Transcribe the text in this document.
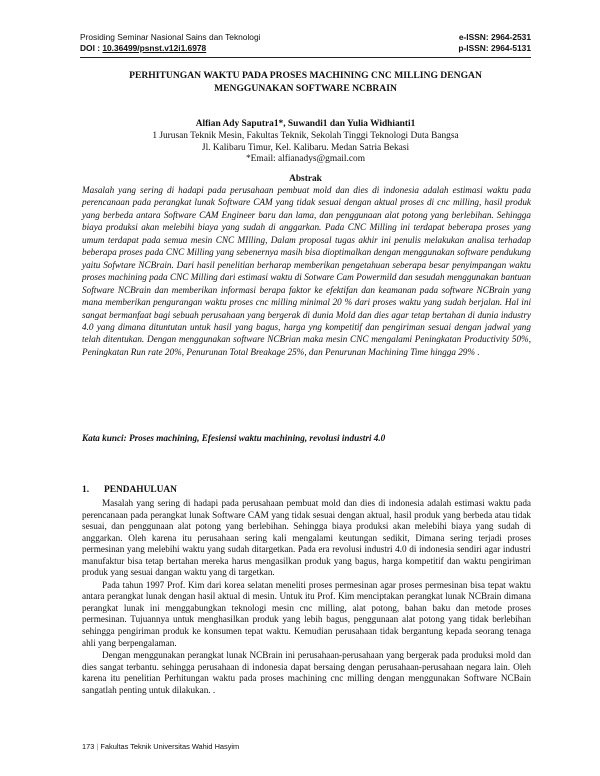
Prosiding Seminar Nasional Sains dan Teknologi	e-ISSN: 2964-2531
DOI : 10.36499/psnst.v12i1.6978	p-ISSN: 2964-5131
PERHITUNGAN WAKTU PADA PROSES MACHINING CNC MILLING DENGAN
MENGGUNAKAN SOFTWARE NCBRAIN
Alfian Ady Saputra1*, Suwandi1 dan Yulia Widhianti1
1 Jurusan Teknik Mesin, Fakultas Teknik, Sekolah Tinggi Teknologi Duta Bangsa
Jl. Kalibaru Timur, Kel. Kalibaru. Medan Satria Bekasi
*Email: alfianadys@gmail.com
Abstrak

Masalah yang sering di hadapi pada perusahaan pembuat mold dan dies di indonesia adalah estimasi waktu pada perencanaan pada perangkat lunak Software CAM yang tidak sesuai dengan aktual proses di cnc milling, hasil produk yang berbeda antara Software CAM Engineer baru dan lama, dan penggunaan alat potong yang berlebihan. Sehingga biaya produksi akan melebihi biaya yang sudah di anggarkan. Pada CNC Milling ini terdapat beberapa proses yang umum terdapat pada semua mesin CNC MIlling, Dalam proposal tugas akhir ini penulis melakukan analisa terhadap beberapa proses pada CNC Milling yang sebenernya masih bisa dioptimalkan dengan menggunakan software pendukung yaitu Sofwtare NCBrain. Dari hasil penelitian berharap memberikan pengetahuan seberapa besar penyimpangan waktu proses machining pada CNC Milling dari estimasi waktu di Sotware Cam Powermild dan sesudah menggunakan bantuan Software NCBrain dan memberikan informasi berapa faktor ke efektifan dan keamanan pada software NCBrain yang mana memberikan pengurangan waktu proses cnc milling minimal 20 % dari proses waktu yang sudah berjalan. Hal ini sangat bermanfaat bagi sebuah perusahaan yang bergerak di dunia Mold dan dies agar tetap bertahan di dunia industry 4.0 yang dimana dituntutan untuk hasil yang bagus, harga yng kompetitif dan pengiriman sesuai dengan jadwal yang telah ditentukan. Dengan menggunakan software NCBrian maka mesin CNC mengalami Peningkatan Productivity 50%, Peningkatan Run rate 20%, Penurunan Total Breakage 25%, dan Penurunan Machining Time hingga 29% .

Kata kunci: Proses machining, Efesiensi waktu machining, revolusi industri 4.0
1. PENDAHULUAN

Masalah yang sering di hadapi pada perusahaan pembuat mold dan dies di indonesia adalah estimasi waktu pada perencanaan pada perangkat lunak Software CAM yang tidak sesuai dengan aktual, hasil produk yang berbeda atau tidak sesuai, dan penggunaan alat potong yang berlebihan. Sehingga biaya produksi akan melebihi biaya yang sudah di anggarkan. Oleh karena itu perusahaan sering kali mengalami keutungan sedikit, Dimana sering terjadi proses permesinan yang melebihi waktu yang sudah ditargetkan. Pada era revolusi industri 4.0 di indonesia sendiri agar industri manufaktur bisa tetap bertahan mereka harus mengasilkan produk yang bagus, harga kompetitif dan waktu pengiriman produk yang sesuai dangan waktu yang di targetkan.

Pada tahun 1997 Prof. Kim dari korea selatan meneliti proses permesinan agar proses permesinan bisa tepat waktu antara perangkat lunak dengan hasil aktual di mesin. Untuk itu Prof. Kim menciptakan perangkat lunak NCBrain dimana perangkat lunak ini menggabungkan teknologi mesin cnc milling, alat potong, bahan baku dan metode proses permesinan. Tujuannya untuk menghasilkan produk yang lebih bagus, penggunaan alat potong yang tidak berlebihan sehingga pengiriman produk ke konsumen tepat waktu. Kemudian perusahaan tidak bergantung kepada seorang tenaga ahli yang berpengalaman.

Dengan menggunakan perangkat lunak NCBrain ini perusahaan-perusahaan yang bergerak pada produksi mold dan dies sangat terbantu. sehingga perusahaan di indonesia dapat bersaing dengan perusahaan-perusahaan negara lain. Oleh karena itu penelitian Perhitungan waktu pada proses machining cnc milling dengan menggunakan Software NCBain sangatlah penting untuk dilakukan. .

173 | Fakultas Teknik Universitas Wahid Hasyim
